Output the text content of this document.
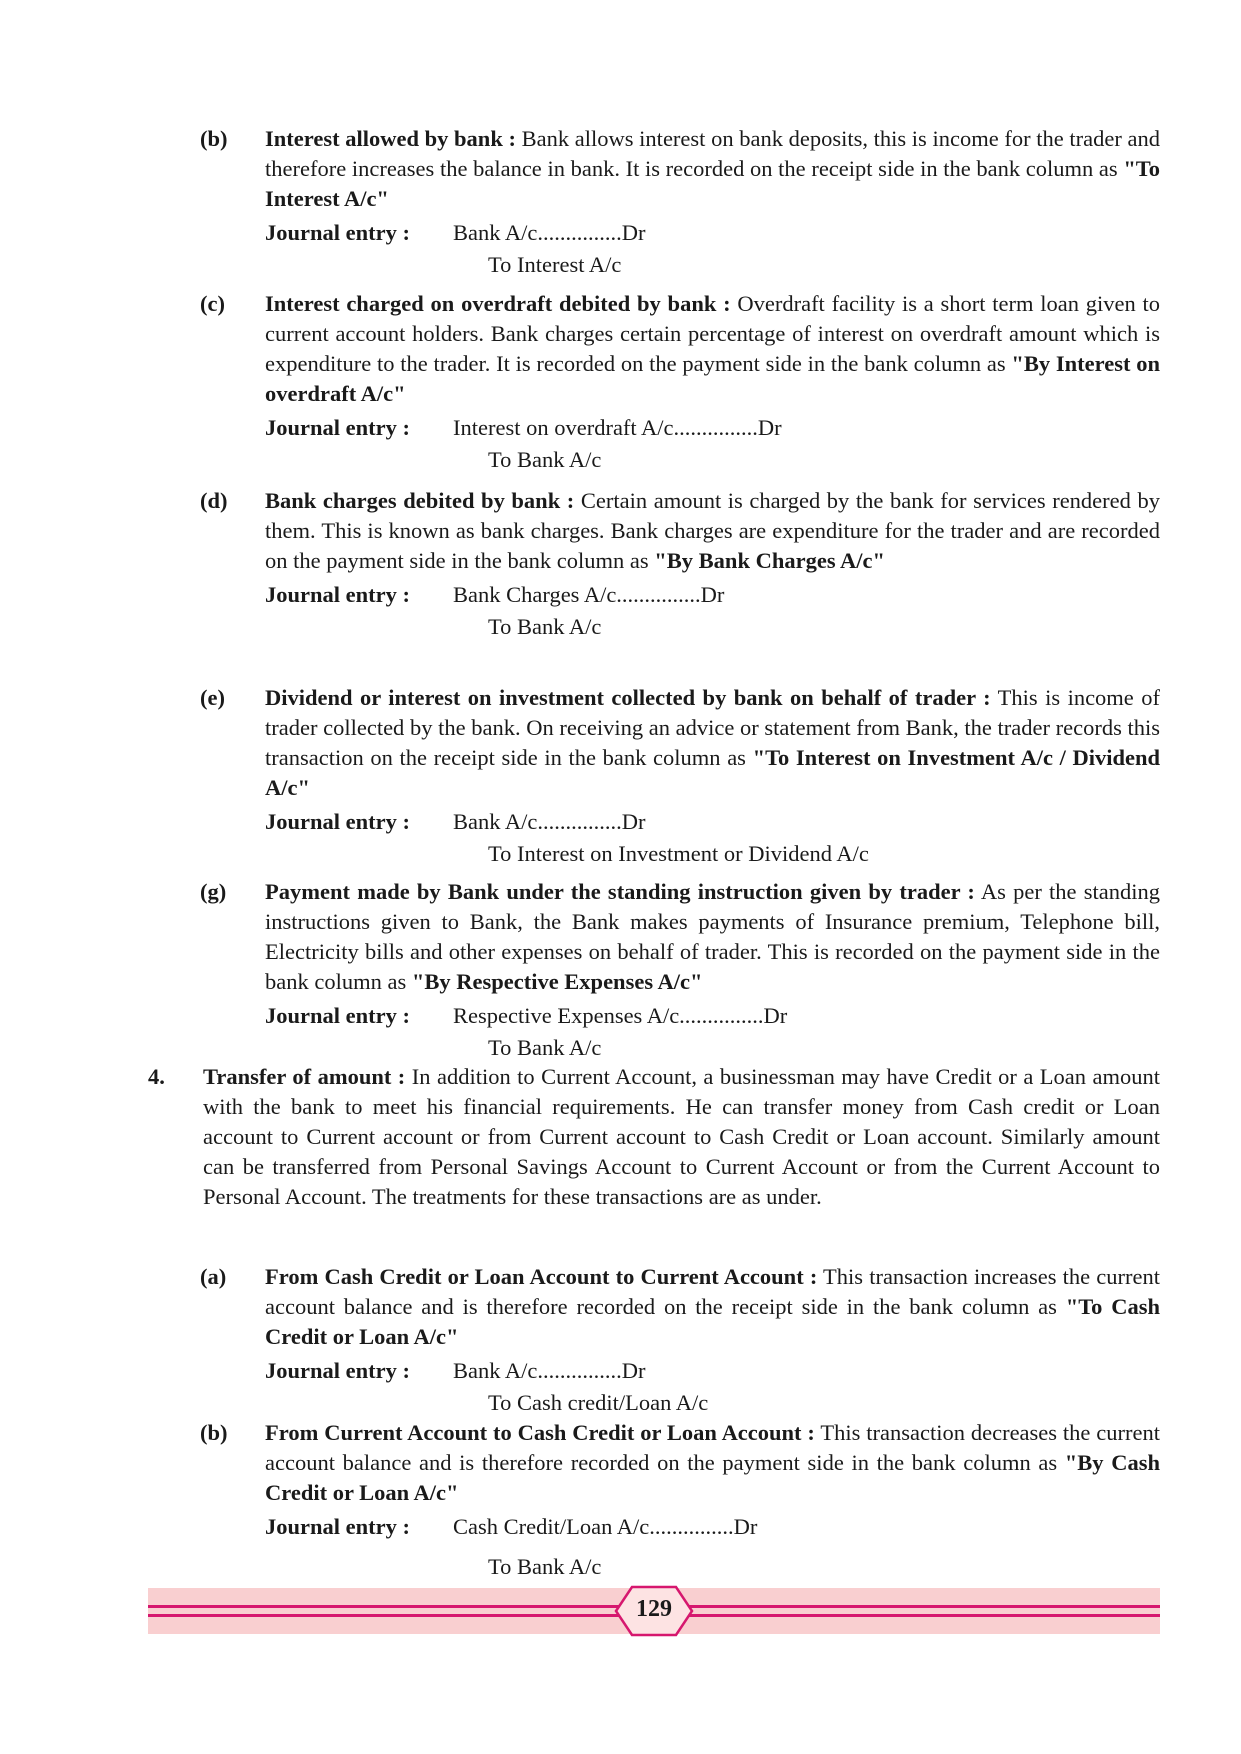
(b) Interest allowed by bank : Bank allows interest on bank deposits, this is income for the trader and therefore increases the balance in bank. It is recorded on the receipt side in the bank column as "To Interest A/c"
Journal entry : Bank A/c...............Dr
To Interest A/c
(c) Interest charged on overdraft debited by bank : Overdraft facility is a short term loan given to current account holders. Bank charges certain percentage of interest on overdraft amount which is expenditure to the trader. It is recorded on the payment side in the bank column as "By Interest on overdraft A/c"
Journal entry : Interest on overdraft A/c...............Dr
To Bank A/c
(d) Bank charges debited by bank : Certain amount is charged by the bank for services rendered by them. This is known as bank charges. Bank charges are expenditure for the trader and are recorded on the payment side in the bank column as "By Bank Charges A/c"
Journal entry : Bank Charges A/c...............Dr
To Bank A/c
(e) Dividend or interest on investment collected by bank on behalf of trader : This is income of trader collected by the bank. On receiving an advice or statement from Bank, the trader records this transaction on the receipt side in the bank column as "To Interest on Investment A/c / Dividend A/c"
Journal entry : Bank A/c...............Dr
To Interest on Investment or Dividend A/c
(g) Payment made by Bank under the standing instruction given by trader : As per the standing instructions given to Bank, the Bank makes payments of Insurance premium, Telephone bill, Electricity bills and other expenses on behalf of trader. This is recorded on the payment side in the bank column as "By Respective Expenses A/c"
Journal entry : Respective Expenses A/c...............Dr
To Bank A/c
4. Transfer of amount : In addition to Current Account, a businessman may have Credit or a Loan amount with the bank to meet his financial requirements. He can transfer money from Cash credit or Loan account to Current account or from Current account to Cash Credit or Loan account. Similarly amount can be transferred from Personal Savings Account to Current Account or from the Current Account to Personal Account. The treatments for these transactions are as under.
(a) From Cash Credit or Loan Account to Current Account : This transaction increases the current account balance and is therefore recorded on the receipt side in the bank column as "To Cash Credit or Loan A/c"
Journal entry : Bank A/c...............Dr
To Cash credit/Loan A/c
(b) From Current Account to Cash Credit or Loan Account : This transaction decreases the current account balance and is therefore recorded on the payment side in the bank column as "By Cash Credit or Loan A/c"
Journal entry : Cash Credit/Loan A/c...............Dr
To Bank A/c
129
